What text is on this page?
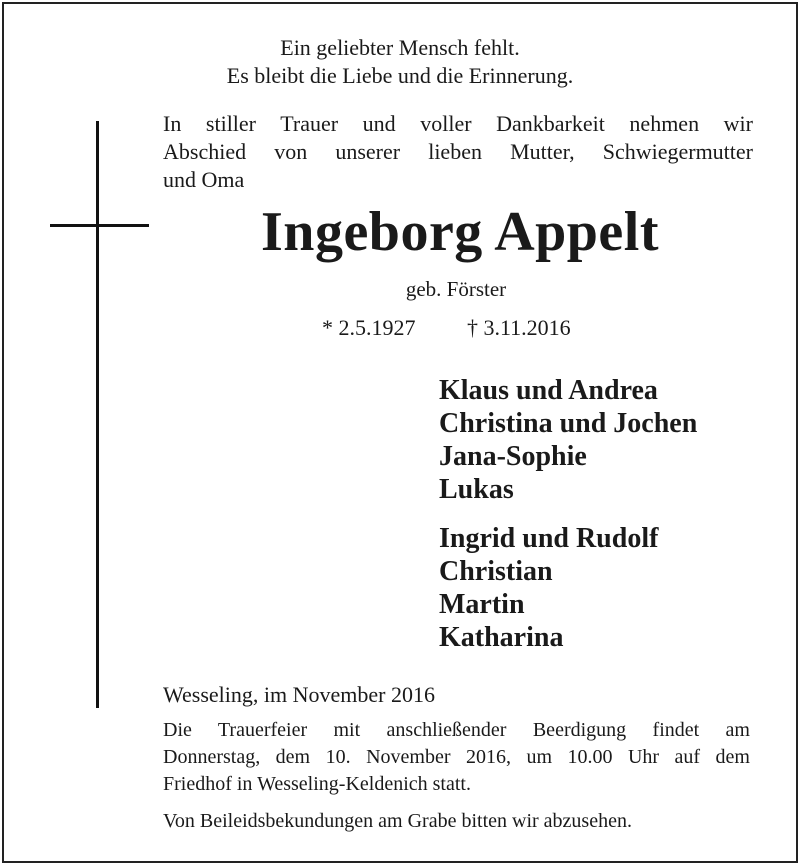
Ein geliebter Mensch fehlt.
Es bleibt die Liebe und die Erinnerung.
In stiller Trauer und voller Dankbarkeit nehmen wir
Abschied von unserer lieben Mutter, Schwiegermutter
und Oma
Ingeborg Appelt
geb. Förster
* 2.5.1927 † 3.11.2016
Klaus und Andrea
Christina und Jochen
Jana-Sophie
Lukas
Ingrid und Rudolf
Christian
Martin
Katharina
Wesseling, im November 2016
Die Trauerfeier mit anschließender Beerdigung findet am
Donnerstag, dem 10. November 2016, um 10.00 Uhr auf dem
Friedhof in Wesseling-Keldenich statt.
Von Beileidsbekundungen am Grabe bitten wir abzusehen.
